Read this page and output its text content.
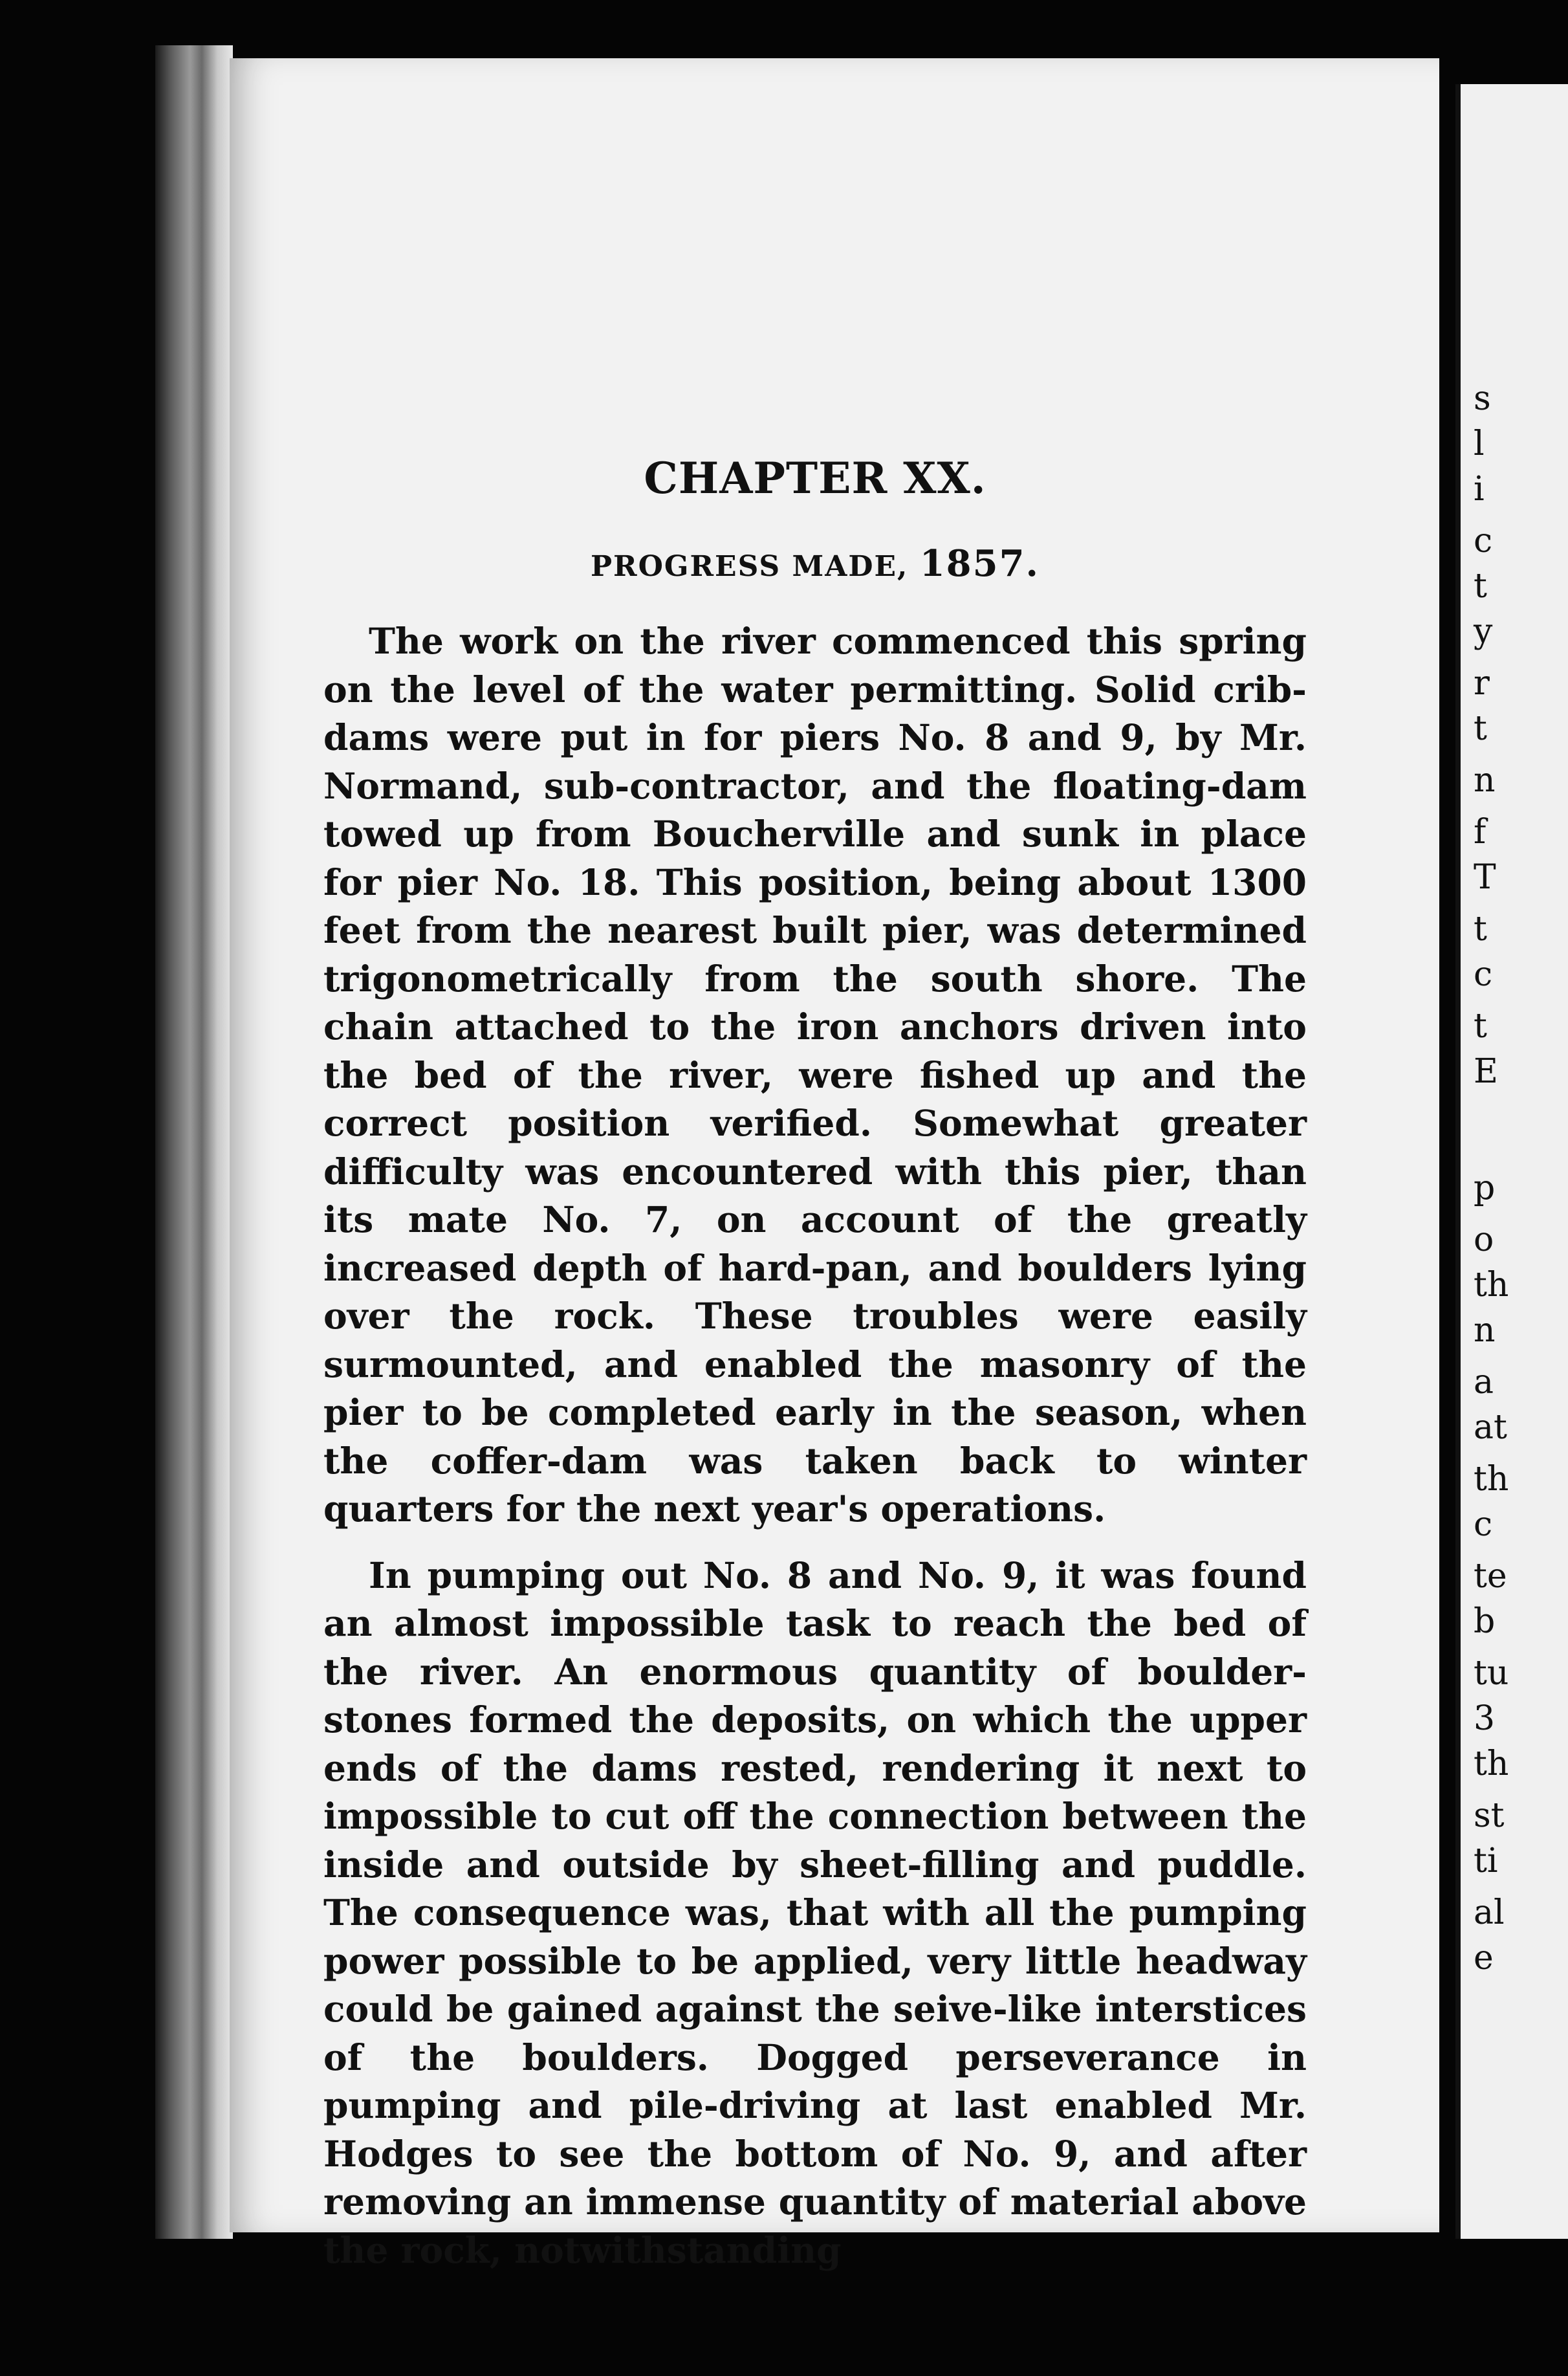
s
l
i
c
t
y
r
t
n
f
T
t
c
t
E
p
o
th
n
a
at
th
c
te
b
tu
3
th
st
ti
al
e
CHAPTER XX.
PROGRESS MADE, 1857.

The work on the river commenced this spring on the level of the water permitting. Solid crib-dams were put in for piers No. 8 and 9, by Mr. Normand, sub-contractor, and the floating-dam towed up from Boucherville and sunk in place for pier No. 18. This position, being about 1300 feet from the nearest built pier, was determined trigonometrically from the south shore. The chain attached to the iron anchors driven into the bed of the river, were fished up and the correct position verified. Somewhat greater difficulty was encountered with this pier, than its mate No. 7, on account of the greatly increased depth of hard-pan, and boulders lying over the rock. These troubles were easily surmounted, and enabled the masonry of the pier to be completed early in the season, when the coffer-dam was taken back to winter quarters for the next year's operations.

In pumping out No. 8 and No. 9, it was found an almost impossible task to reach the bed of the river. An enormous quantity of boulder-stones formed the deposits, on which the upper ends of the dams rested, rendering it next to impossible to cut off the connection between the inside and outside by sheet-filling and puddle. The consequence was, that with all the pumping power possible to be applied, very little headway could be gained against the seive-like interstices of the boulders. Dogged perseverance in pumping and pile-driving at last enabled Mr. Hodges to see the bottom of No. 9, and after removing an immense quantity of material above the rock, notwithstanding
